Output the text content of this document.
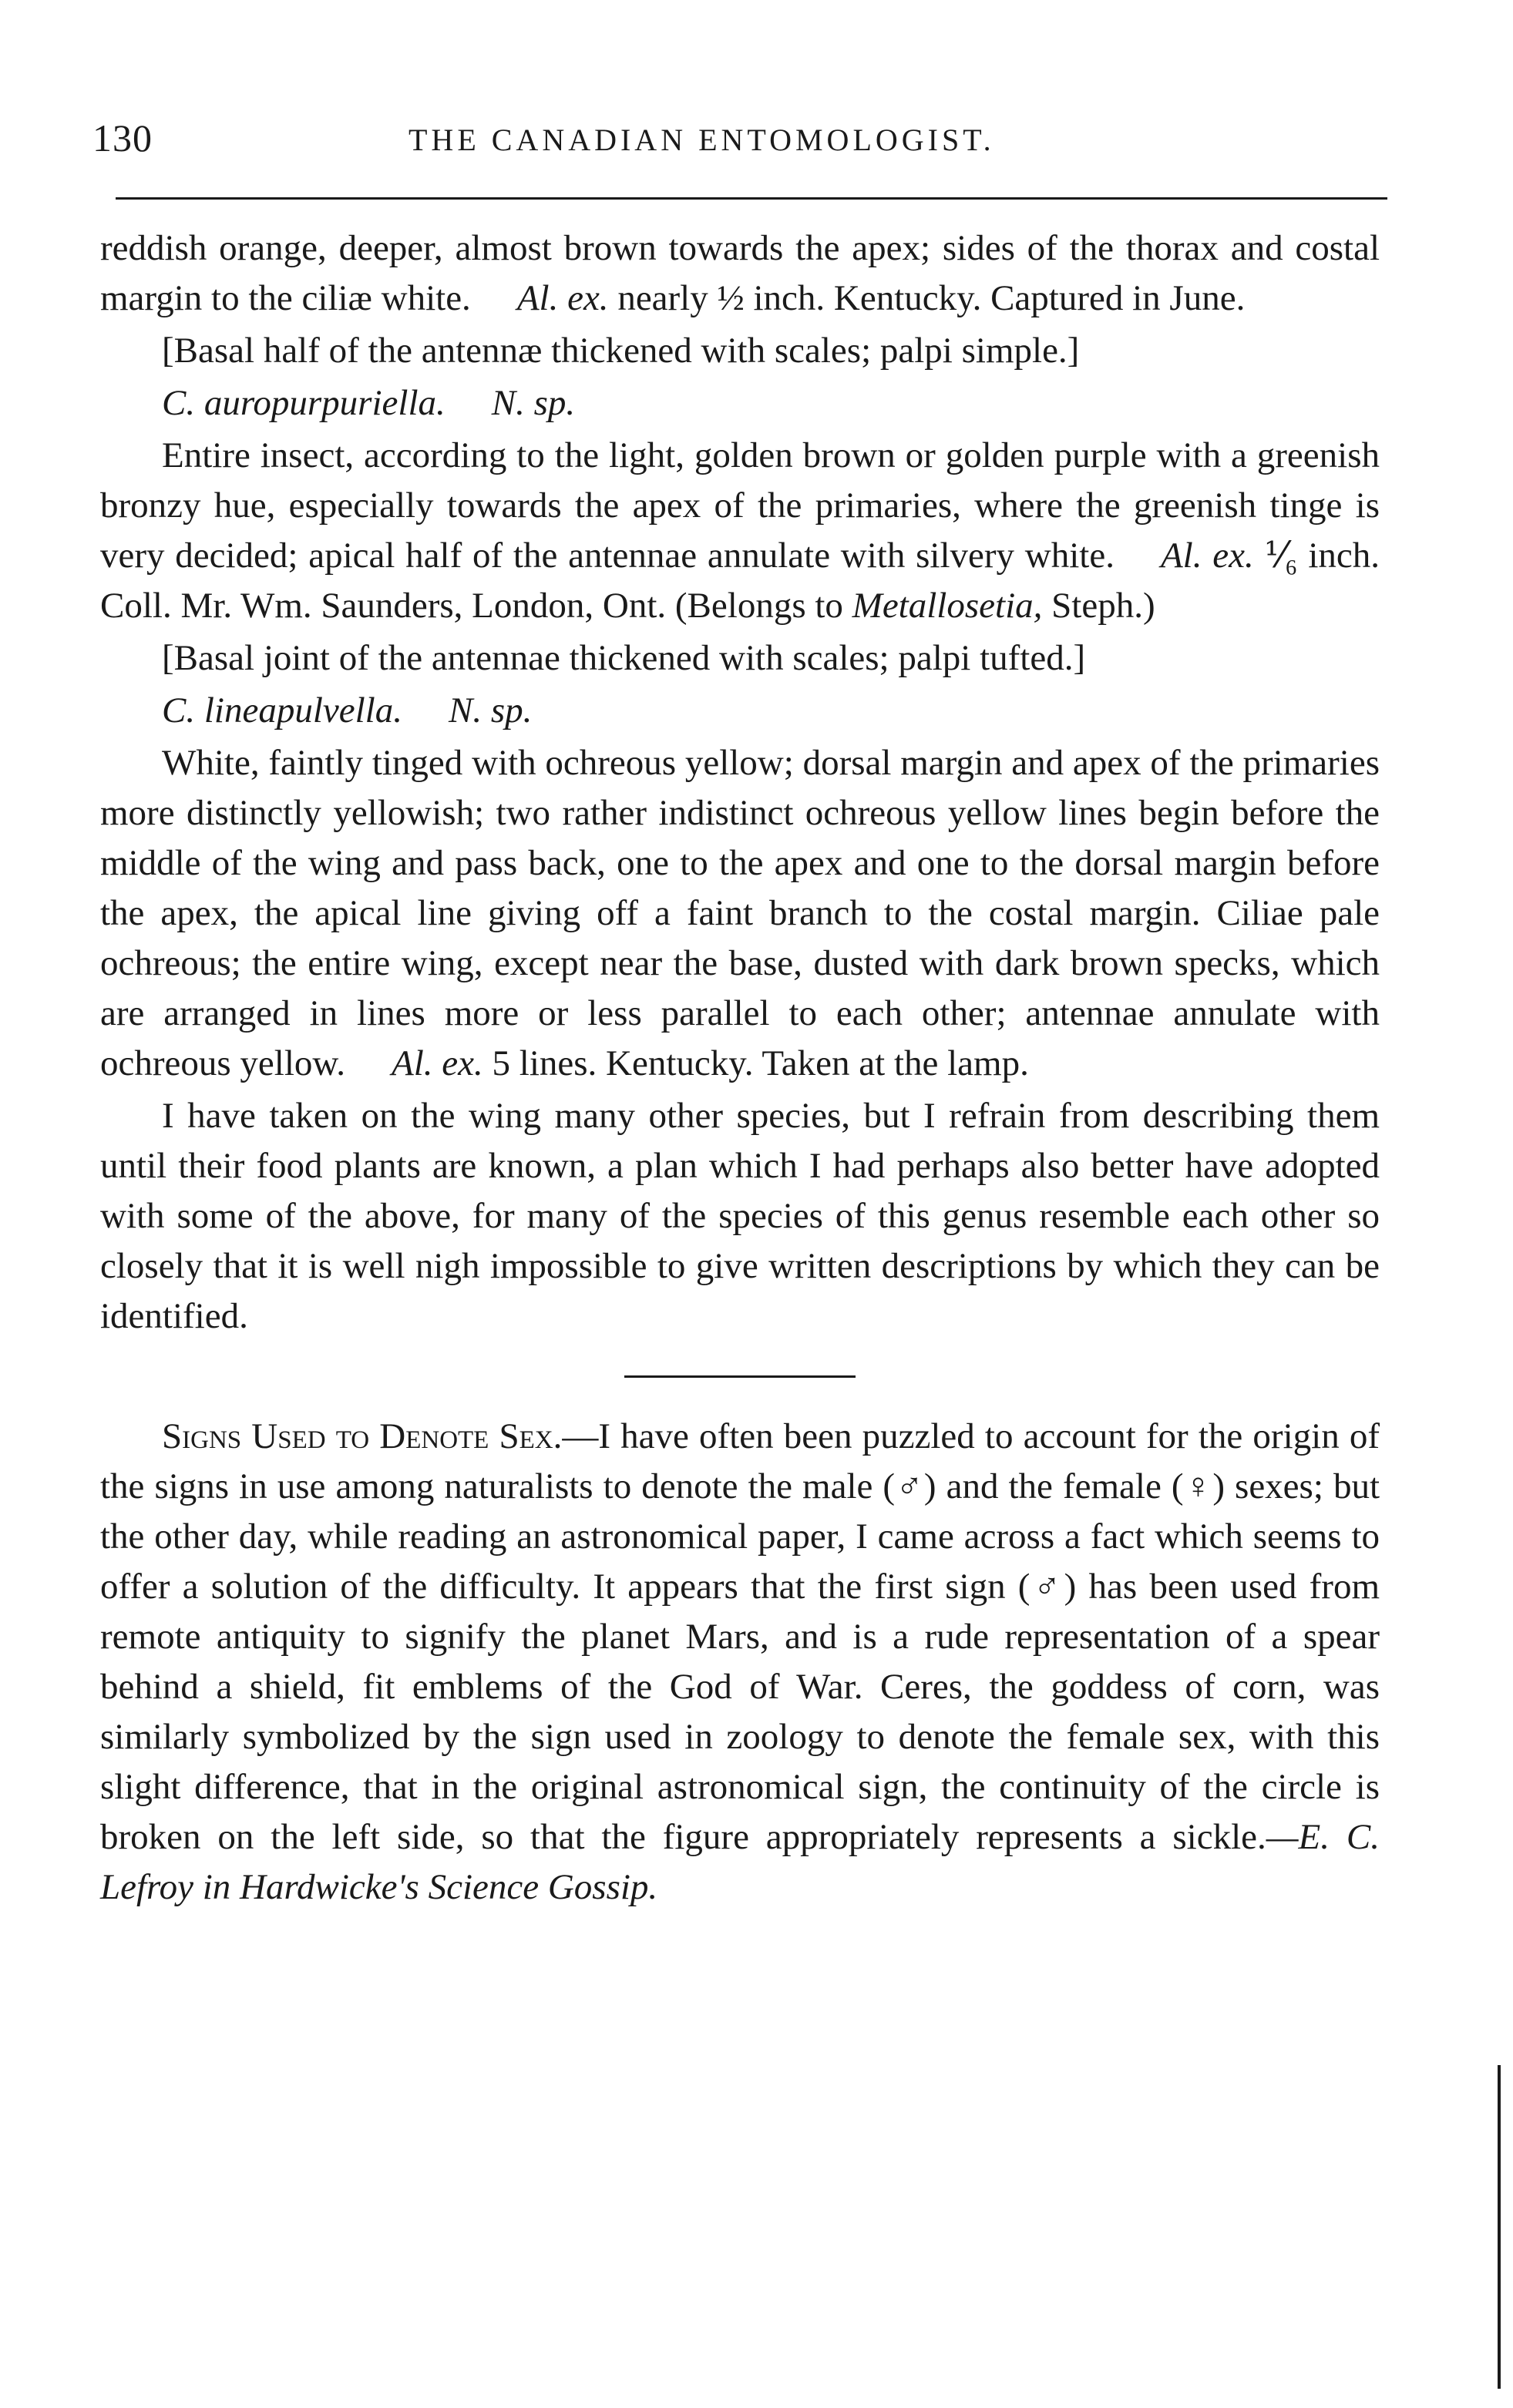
130	THE CANADIAN ENTOMOLOGIST.

reddish orange, deeper, almost brown towards the apex; sides of the thorax and costal margin to the ciliæ white. Al. ex. nearly ½ inch. Kentucky. Captured in June.

[Basal half of the antennæ thickened with scales; palpi simple.]

C. auropurpuriella. N. sp.

Entire insect, according to the light, golden brown or golden purple with a greenish bronzy hue, especially towards the apex of the primaries, where the greenish tinge is very decided; apical half of the antennae annulate with silvery white. Al. ex. ⅟₆ inch. Coll. Mr. Wm. Saunders, London, Ont. (Belongs to Metallosetia, Steph.)

[Basal joint of the antennae thickened with scales; palpi tufted.]

C. lineapulvella. N. sp.

White, faintly tinged with ochreous yellow; dorsal margin and apex of the primaries more distinctly yellowish; two rather indistinct ochreous yellow lines begin before the middle of the wing and pass back, one to the apex and one to the dorsal margin before the apex, the apical line giving off a faint branch to the costal margin. Ciliae pale ochreous; the entire wing, except near the base, dusted with dark brown specks, which are arranged in lines more or less parallel to each other; antennae annulate with ochreous yellow. Al. ex. 5 lines. Kentucky. Taken at the lamp.

I have taken on the wing many other species, but I refrain from describing them until their food plants are known, a plan which I had perhaps also better have adopted with some of the above, for many of the species of this genus resemble each other so closely that it is well nigh impossible to give written descriptions by which they can be identified.

Signs Used to Denote Sex.—I have often been puzzled to account for the origin of the signs in use among naturalists to denote the male (♂) and the female (♀) sexes; but the other day, while reading an astronomical paper, I came across a fact which seems to offer a solution of the difficulty. It appears that the first sign (♂) has been used from remote antiquity to signify the planet Mars, and is a rude representation of a spear behind a shield, fit emblems of the God of War. Ceres, the goddess of corn, was similarly symbolized by the sign used in zoology to denote the female sex, with this slight difference, that in the original astronomical sign, the continuity of the circle is broken on the left side, so that the figure appropriately represents a sickle.—E. C. Lefroy in Hardwicke's Science Gossip.
